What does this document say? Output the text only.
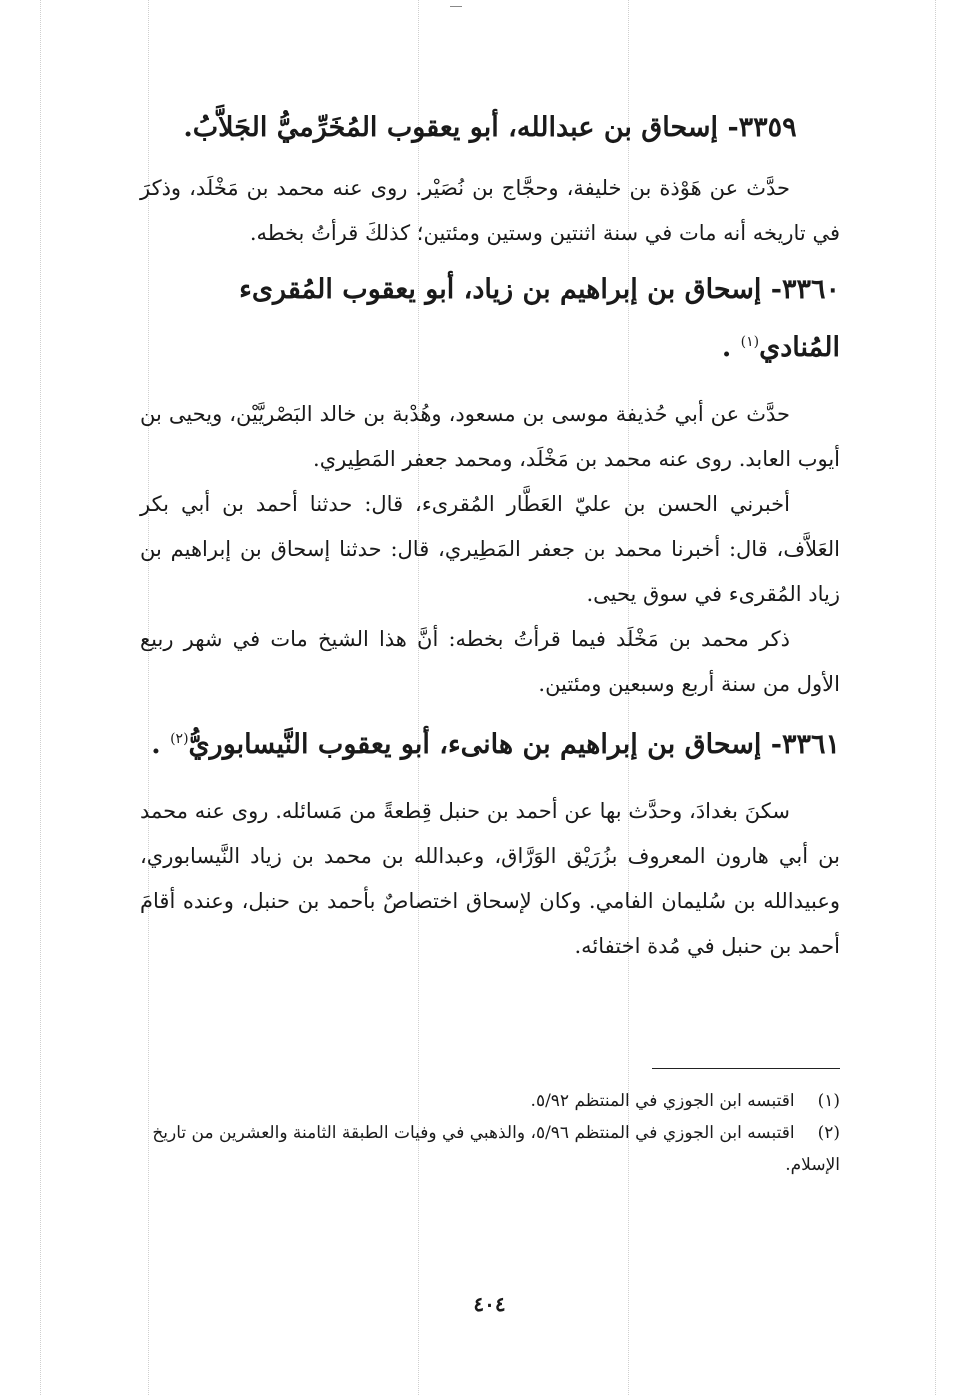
٣٣٥٩- إسحاق بن عبدالله، أبو يعقوب المُخَرِّميُّ الجَلاَّبُ.

حدَّث عن هَوْذة بن خليفة، وحجَّاج بن نُصَيْر. روى عنه محمد بن مَخْلَد، وذكرَ في تاريخه أنه مات في سنة اثنتين وستين ومئتين؛ كذلكَ قرأتُ بخطه.

٣٣٦٠- إسحاق بن إبراهيم بن زياد، أبو يعقوب المُقرىء المُنادي$^{(١)}$ .

حدَّث عن أبي حُذيفة موسى بن مسعود، وهُدْبة بن خالد البَصْريَّيْن، ويحيى بن أيوب العابد. روى عنه محمد بن مَخْلَد، ومحمد جعفر المَطِيري.

أخبرني الحسن بن عليّ العَطَّار المُقرىء، قال: حدثنا أحمد بن أبي بكر العَلاَّف، قال: أخبرنا محمد بن جعفر المَطِيري، قال: حدثنا إسحاق بن إبراهيم بن زياد المُقرىء في سوق يحيى.

ذكر محمد بن مَخْلَد فيما قرأتُ بخطه: أنَّ هذا الشيخ مات في شهر ربيع الأول من سنة أربع وسبعين ومئتين.

٣٣٦١- إسحاق بن إبراهيم بن هانىء، أبو يعقوب النَّيسابوريُّ$^{(٢)}$ .

سكنَ بغدادَ، وحدَّث بها عن أحمد بن حنبل قِطعةً من مَسائله. روى عنه محمد بن أبي هارون المعروف بزُرَيْق الوَرَّاق، وعبدالله بن محمد بن زياد النَّيسابوري، وعبيدالله بن سُليمان الفامي. وكان لإسحاق اختصاصٌ بأحمد بن حنبل، وعنده أقامَ أحمد بن حنبل في مُدة اختفائه.

(١) اقتبسه ابن الجوزي في المنتظم ٥/٩٢.

(٢) اقتبسه ابن الجوزي في المنتظم ٥/٩٦، والذهبي في وفيات الطبقة الثامنة والعشرين من تاريخ الإسلام.

٤٠٤
